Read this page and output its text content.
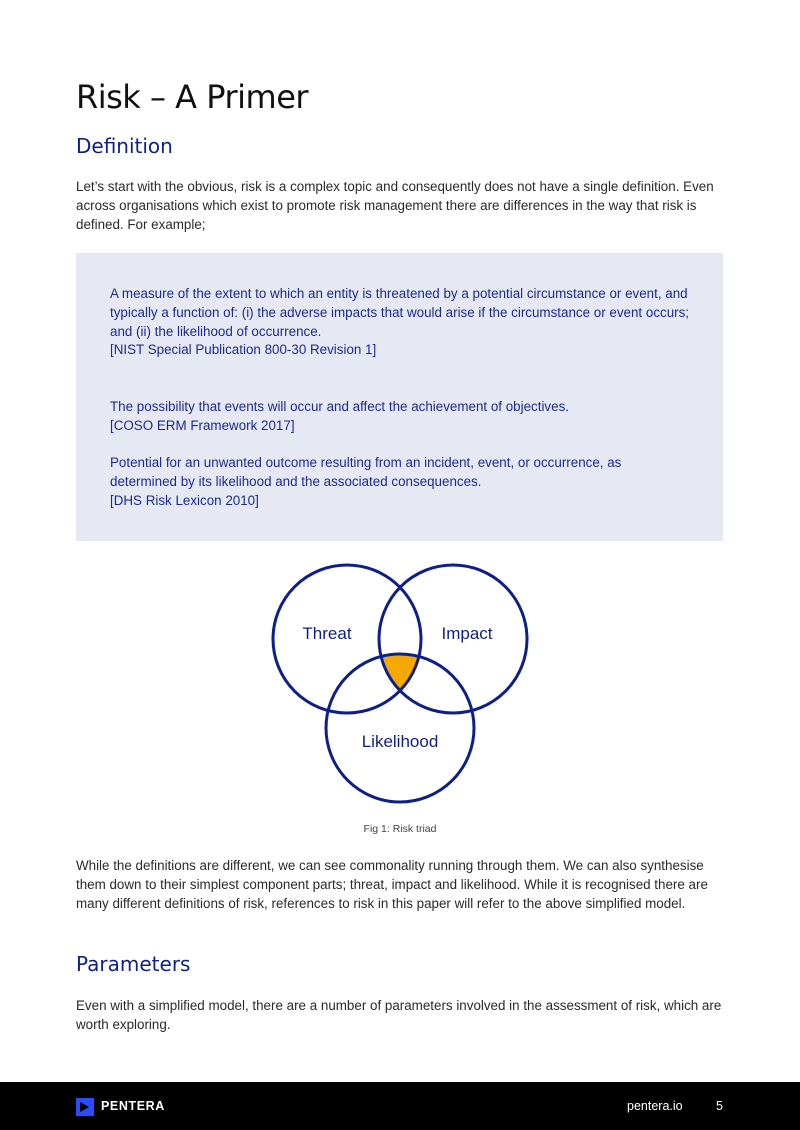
Risk – A Primer
Definition

Let’s start with the obvious, risk is a complex topic and consequently does not have a single definition. Even across organisations which exist to promote risk management there are differences in the way that risk is defined. For example;

A measure of the extent to which an entity is threatened by a potential circumstance or event, and typically a function of: (i) the adverse impacts that would arise if the circumstance or event occurs; and (ii) the likelihood of occurrence.
[NIST Special Publication 800-30 Revision 1]
The possibility that events will occur and affect the achievement of objectives.
[COSO ERM Framework 2017]
Potential for an unwanted outcome resulting from an incident, event, or occurrence, as determined by its likelihood and the associated consequences.
[DHS Risk Lexicon 2010]
Threat	Impact
Likelihood
Fig 1: Risk triad

While the definitions are different, we can see commonality running through them. We can also synthesise them down to their simplest component parts; threat, impact and likelihood. While it is recognised there are many different definitions of risk, references to risk in this paper will refer to the above simplified model.

Parameters

Even with a simplified model, there are a number of parameters involved in the assessment of risk, which are worth exploring.

PENTERA	pentera.io	5
